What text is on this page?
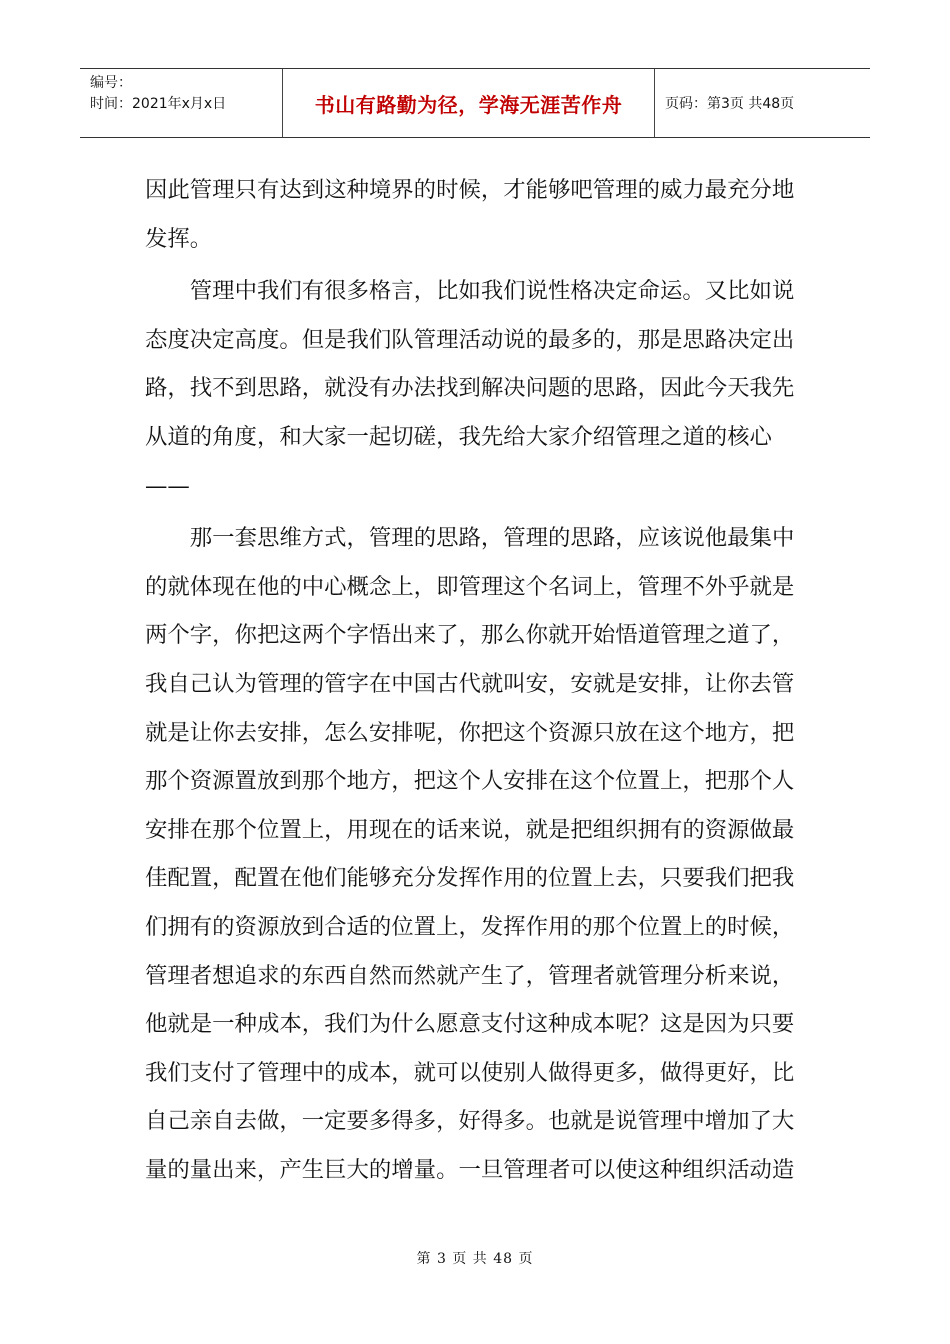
编号：
时间：2021年x月x日	书山有路勤为径，学海无涯苦作舟	页码：第3页 共48页

因此管理只有达到这种境界的时候，才能够吧管理的威力最充分地发挥。

管理中我们有很多格言，比如我们说性格决定命运。又比如说态度决定高度。但是我们队管理活动说的最多的，那是思路决定出路，找不到思路，就没有办法找到解决问题的思路，因此今天我先从道的角度，和大家一起切磋，我先给大家介绍管理之道的核心——

那一套思维方式，管理的思路，管理的思路，应该说他最集中的就体现在他的中心概念上，即管理这个名词上，管理不外乎就是两个字，你把这两个字悟出来了，那么你就开始悟道管理之道了，我自己认为管理的管字在中国古代就叫安，安就是安排，让你去管就是让你去安排，怎么安排呢，你把这个资源只放在这个地方，把那个资源置放到那个地方，把这个人安排在这个位置上，把那个人安排在那个位置上，用现在的话来说，就是把组织拥有的资源做最佳配置，配置在他们能够充分发挥作用的位置上去，只要我们把我们拥有的资源放到合适的位置上，发挥作用的那个位置上的时候，管理者想追求的东西自然而然就产生了，管理者就管理分析来说，他就是一种成本，我们为什么愿意支付这种成本呢？这是因为只要我们支付了管理中的成本，就可以使别人做得更多，做得更好，比自己亲自去做，一定要多得多，好得多。也就是说管理中增加了大量的量出来，产生巨大的增量。一旦管理者可以使这种组织活动造

第 3 页 共 48 页
